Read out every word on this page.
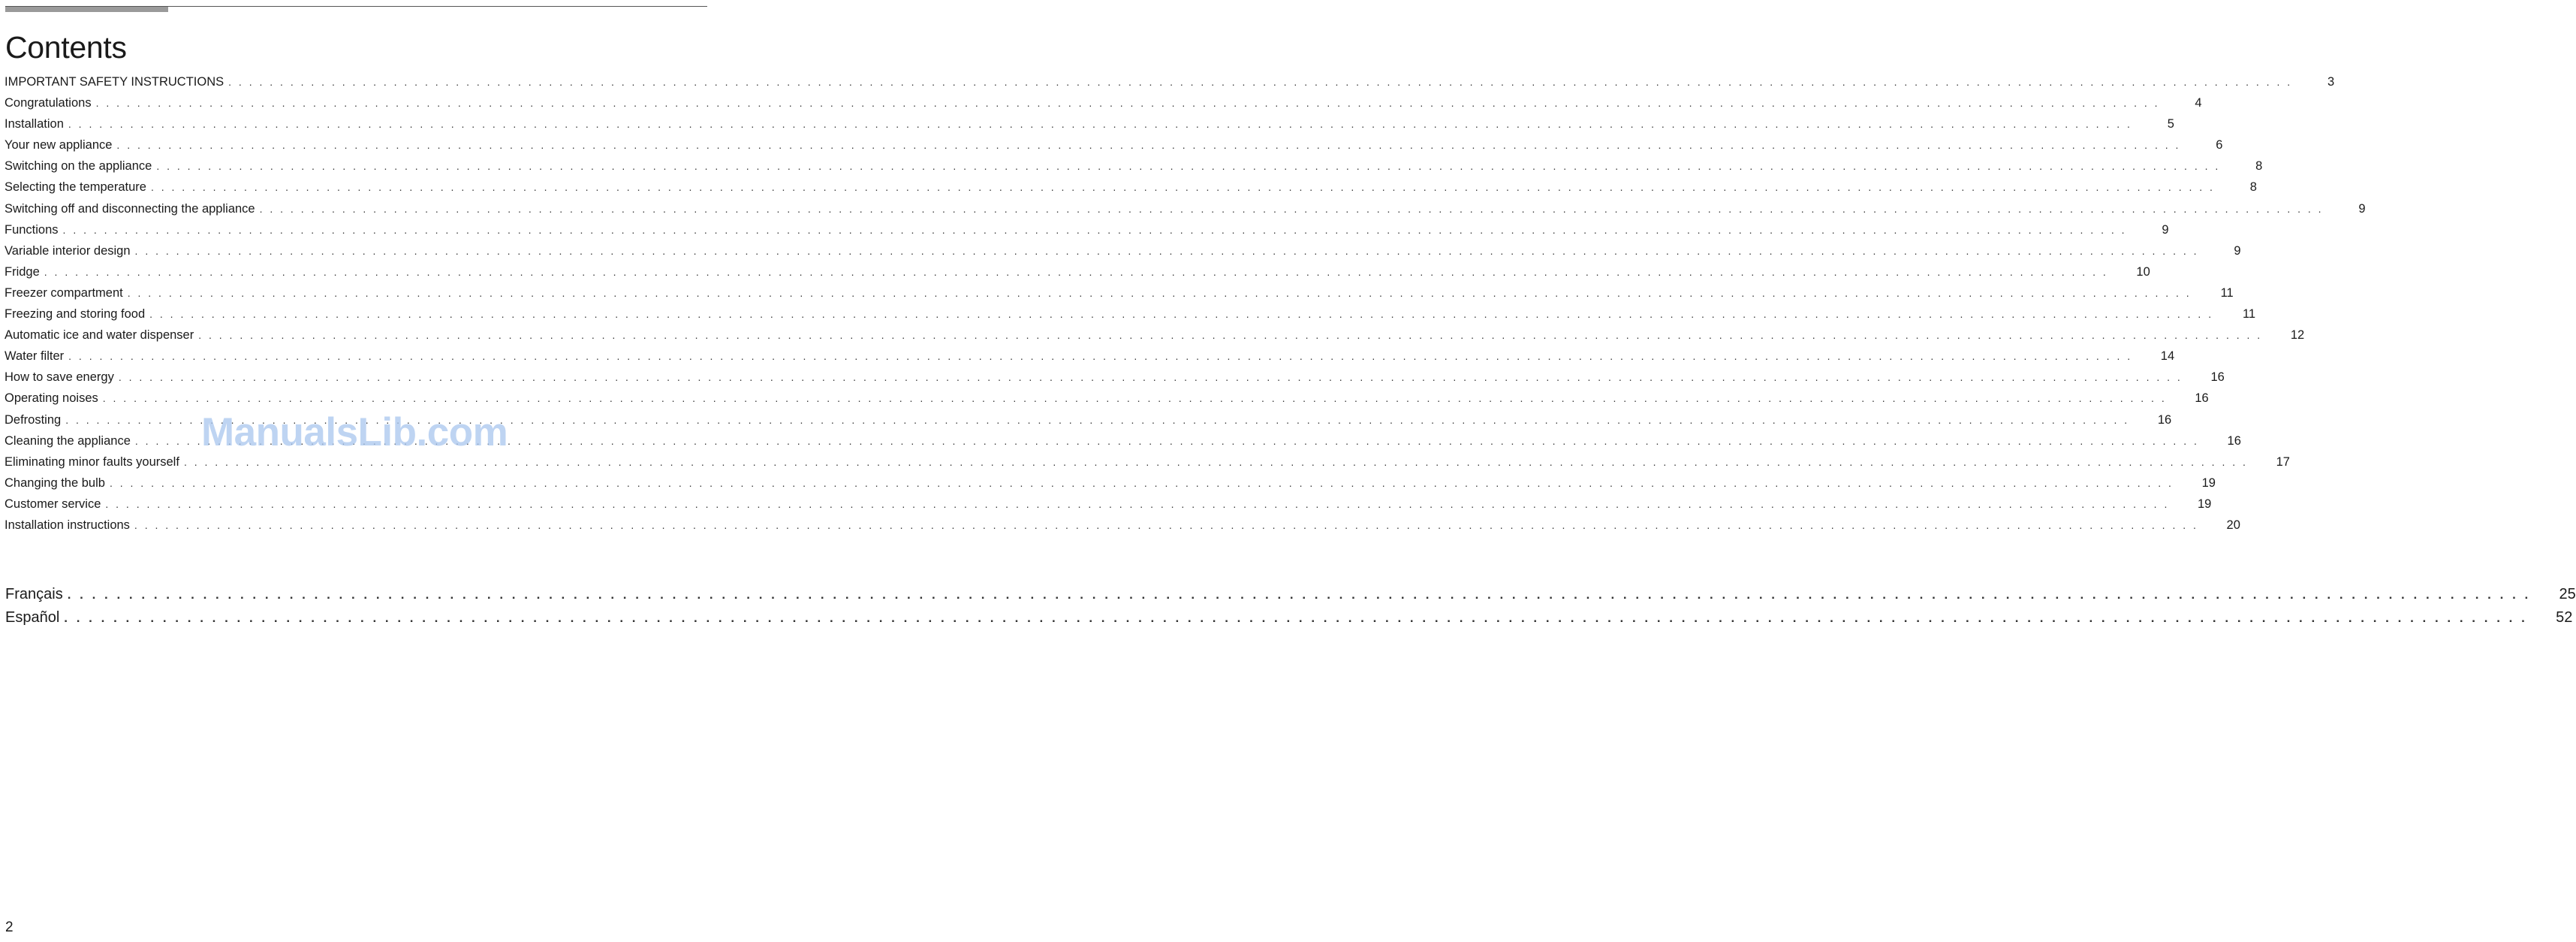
Contents
IMPORTANT SAFETY INSTRUCTIONS . . . . . . . . . . . . . . . . . . . . . . . . . . . . . . . . . . . . . . . . . . . . . . . . . . . . . . . . . . . . . . . . . . . . . . . . . . . . . . . . . . . . . . . . . . . . . . . . . . . . . . . . . . . . . . . . . . . . . . . . . . . . . . . . . . . . . . . . . . . . . . . . . . . . . . . . . . . . . . . . . . . . . . . . . . . . . . . . . . . . . . . . . . . . . . . . . . . . . . . .	3
Congratulations . . . . . . . . . . . . . . . . . . . . . . . . . . . . . . . . . . . . . . . . . . . . . . . . . . . . . . . . . . . . . . . . . . . . . . . . . . . . . . . . . . . . . . . . . . . . . . . . . . . . . . . . . . . . . . . . . . . . . . . . . . . . . . . . . . . . . . . . . . . . . . . . . . . . . . . . . . . . . . . . . . . . . . . . . . . . . . . . . . . . . . . . . . . . . . . . . . . . . . . .	4
Installation . . . . . . . . . . . . . . . . . . . . . . . . . . . . . . . . . . . . . . . . . . . . . . . . . . . . . . . . . . . . . . . . . . . . . . . . . . . . . . . . . . . . . . . . . . . . . . . . . . . . . . . . . . . . . . . . . . . . . . . . . . . . . . . . . . . . . . . . . . . . . . . . . . . . . . . . . . . . . . . . . . . . . . . . . . . . . . . . . . . . . . . . . . . . . . . . . . . . . . . .	5
Your new appliance . . . . . . . . . . . . . . . . . . . . . . . . . . . . . . . . . . . . . . . . . . . . . . . . . . . . . . . . . . . . . . . . . . . . . . . . . . . . . . . . . . . . . . . . . . . . . . . . . . . . . . . . . . . . . . . . . . . . . . . . . . . . . . . . . . . . . . . . . . . . . . . . . . . . . . . . . . . . . . . . . . . . . . . . . . . . . . . . . . . . . . . . . . . . . . . . . . . . . . . .	6
Switching on the appliance . . . . . . . . . . . . . . . . . . . . . . . . . . . . . . . . . . . . . . . . . . . . . . . . . . . . . . . . . . . . . . . . . . . . . . . . . . . . . . . . . . . . . . . . . . . . . . . . . . . . . . . . . . . . . . . . . . . . . . . . . . . . . . . . . . . . . . . . . . . . . . . . . . . . . . . . . . . . . . . . . . . . . . . . . . . . . . . . . . . . . . . . . . . . . . . . . . . . . . . .	8
Selecting the temperature . . . . . . . . . . . . . . . . . . . . . . . . . . . . . . . . . . . . . . . . . . . . . . . . . . . . . . . . . . . . . . . . . . . . . . . . . . . . . . . . . . . . . . . . . . . . . . . . . . . . . . . . . . . . . . . . . . . . . . . . . . . . . . . . . . . . . . . . . . . . . . . . . . . . . . . . . . . . . . . . . . . . . . . . . . . . . . . . . . . . . . . . . . . . . . . . . . . . . . . .	8
Switching off and disconnecting the appliance . . . . . . . . . . . . . . . . . . . . . . . . . . . . . . . . . . . . . . . . . . . . . . . . . . . . . . . . . . . . . . . . . . . . . . . . . . . . . . . . . . . . . . . . . . . . . . . . . . . . . . . . . . . . . . . . . . . . . . . . . . . . . . . . . . . . . . . . . . . . . . . . . . . . . . . . . . . . . . . . . . . . . . . . . . . . . . . . . . . . . . . . . . . . . . . . . . . . . . . .	9
Functions . . . . . . . . . . . . . . . . . . . . . . . . . . . . . . . . . . . . . . . . . . . . . . . . . . . . . . . . . . . . . . . . . . . . . . . . . . . . . . . . . . . . . . . . . . . . . . . . . . . . . . . . . . . . . . . . . . . . . . . . . . . . . . . . . . . . . . . . . . . . . . . . . . . . . . . . . . . . . . . . . . . . . . . . . . . . . . . . . . . . . . . . . . . . . . . . . . . . . . . .	9
Variable interior design . . . . . . . . . . . . . . . . . . . . . . . . . . . . . . . . . . . . . . . . . . . . . . . . . . . . . . . . . . . . . . . . . . . . . . . . . . . . . . . . . . . . . . . . . . . . . . . . . . . . . . . . . . . . . . . . . . . . . . . . . . . . . . . . . . . . . . . . . . . . . . . . . . . . . . . . . . . . . . . . . . . . . . . . . . . . . . . . . . . . . . . . . . . . . . . . . . . . . . . .	9
Fridge . . . . . . . . . . . . . . . . . . . . . . . . . . . . . . . . . . . . . . . . . . . . . . . . . . . . . . . . . . . . . . . . . . . . . . . . . . . . . . . . . . . . . . . . . . . . . . . . . . . . . . . . . . . . . . . . . . . . . . . . . . . . . . . . . . . . . . . . . . . . . . . . . . . . . . . . . . . . . . . . . . . . . . . . . . . . . . . . . . . . . . . . . . . . . . . . . . . . . . . .	10
Freezer compartment . . . . . . . . . . . . . . . . . . . . . . . . . . . . . . . . . . . . . . . . . . . . . . . . . . . . . . . . . . . . . . . . . . . . . . . . . . . . . . . . . . . . . . . . . . . . . . . . . . . . . . . . . . . . . . . . . . . . . . . . . . . . . . . . . . . . . . . . . . . . . . . . . . . . . . . . . . . . . . . . . . . . . . . . . . . . . . . . . . . . . . . . . . . . . . . . . . . . . . . .	11
Freezing and storing food . . . . . . . . . . . . . . . . . . . . . . . . . . . . . . . . . . . . . . . . . . . . . . . . . . . . . . . . . . . . . . . . . . . . . . . . . . . . . . . . . . . . . . . . . . . . . . . . . . . . . . . . . . . . . . . . . . . . . . . . . . . . . . . . . . . . . . . . . . . . . . . . . . . . . . . . . . . . . . . . . . . . . . . . . . . . . . . . . . . . . . . . . . . . . . . . . . . . . . . .	11
Automatic ice and water dispenser . . . . . . . . . . . . . . . . . . . . . . . . . . . . . . . . . . . . . . . . . . . . . . . . . . . . . . . . . . . . . . . . . . . . . . . . . . . . . . . . . . . . . . . . . . . . . . . . . . . . . . . . . . . . . . . . . . . . . . . . . . . . . . . . . . . . . . . . . . . . . . . . . . . . . . . . . . . . . . . . . . . . . . . . . . . . . . . . . . . . . . . . . . . . . . . . . . . . . . . .	12
Water filter . . . . . . . . . . . . . . . . . . . . . . . . . . . . . . . . . . . . . . . . . . . . . . . . . . . . . . . . . . . . . . . . . . . . . . . . . . . . . . . . . . . . . . . . . . . . . . . . . . . . . . . . . . . . . . . . . . . . . . . . . . . . . . . . . . . . . . . . . . . . . . . . . . . . . . . . . . . . . . . . . . . . . . . . . . . . . . . . . . . . . . . . . . . . . . . . . . . . . . . .	14
How to save energy . . . . . . . . . . . . . . . . . . . . . . . . . . . . . . . . . . . . . . . . . . . . . . . . . . . . . . . . . . . . . . . . . . . . . . . . . . . . . . . . . . . . . . . . . . . . . . . . . . . . . . . . . . . . . . . . . . . . . . . . . . . . . . . . . . . . . . . . . . . . . . . . . . . . . . . . . . . . . . . . . . . . . . . . . . . . . . . . . . . . . . . . . . . . . . . . . . . . . . . .	16
Operating noises . . . . . . . . . . . . . . . . . . . . . . . . . . . . . . . . . . . . . . . . . . . . . . . . . . . . . . . . . . . . . . . . . . . . . . . . . . . . . . . . . . . . . . . . . . . . . . . . . . . . . . . . . . . . . . . . . . . . . . . . . . . . . . . . . . . . . . . . . . . . . . . . . . . . . . . . . . . . . . . . . . . . . . . . . . . . . . . . . . . . . . . . . . . . . . . . . . . . . . . .	16
Defrosting . . . . . . . . . . . . . . . . . . . . . . . . . . . . . . . . . . . . . . . . . . . . . . . . . . . . . . . . . . . . . . . . . . . . . . . . . . . . . . . . . . . . . . . . . . . . . . . . . . . . . . . . . . . . . . . . . . . . . . . . . . . . . . . . . . . . . . . . . . . . . . . . . . . . . . . . . . . . . . . . . . . . . . . . . . . . . . . . . . . . . . . . . . . . . . . . . . . . . . . .	16
Cleaning the appliance . . . . . . . . . . . . . . . . . . . . . . . . . . . . . . . . . . . . . . . . . . . . . . . . . . . . . . . . . . . . . . . . . . . . . . . . . . . . . . . . . . . . . . . . . . . . . . . . . . . . . . . . . . . . . . . . . . . . . . . . . . . . . . . . . . . . . . . . . . . . . . . . . . . . . . . . . . . . . . . . . . . . . . . . . . . . . . . . . . . . . . . . . . . . . . . . . . . . . . . .	16
Eliminating minor faults yourself . . . . . . . . . . . . . . . . . . . . . . . . . . . . . . . . . . . . . . . . . . . . . . . . . . . . . . . . . . . . . . . . . . . . . . . . . . . . . . . . . . . . . . . . . . . . . . . . . . . . . . . . . . . . . . . . . . . . . . . . . . . . . . . . . . . . . . . . . . . . . . . . . . . . . . . . . . . . . . . . . . . . . . . . . . . . . . . . . . . . . . . . . . . . . . . . . . . . . . . .	17
Changing the bulb . . . . . . . . . . . . . . . . . . . . . . . . . . . . . . . . . . . . . . . . . . . . . . . . . . . . . . . . . . . . . . . . . . . . . . . . . . . . . . . . . . . . . . . . . . . . . . . . . . . . . . . . . . . . . . . . . . . . . . . . . . . . . . . . . . . . . . . . . . . . . . . . . . . . . . . . . . . . . . . . . . . . . . . . . . . . . . . . . . . . . . . . . . . . . . . . . . . . . . . .	19
Customer service . . . . . . . . . . . . . . . . . . . . . . . . . . . . . . . . . . . . . . . . . . . . . . . . . . . . . . . . . . . . . . . . . . . . . . . . . . . . . . . . . . . . . . . . . . . . . . . . . . . . . . . . . . . . . . . . . . . . . . . . . . . . . . . . . . . . . . . . . . . . . . . . . . . . . . . . . . . . . . . . . . . . . . . . . . . . . . . . . . . . . . . . . . . . . . . . . . . . . . . .	19
Installation instructions . . . . . . . . . . . . . . . . . . . . . . . . . . . . . . . . . . . . . . . . . . . . . . . . . . . . . . . . . . . . . . . . . . . . . . . . . . . . . . . . . . . . . . . . . . . . . . . . . . . . . . . . . . . . . . . . . . . . . . . . . . . . . . . . . . . . . . . . . . . . . . . . . . . . . . . . . . . . . . . . . . . . . . . . . . . . . . . . . . . . . . . . . . . . . . . . . . . . . . . .	20
Français . . . . . . . . . . . . . . . . . . . . . . . . . . . . . . . . . . . . . . . . . . . . . . . . . . . . . . . . . . . . . . . . . . . . . . . . . . . . . . . . . . . . . . . . . . . . . . . . . . . . . . . . . . . . . . . . . . . . . . . . . . . . . . . . . . . . . . . . . . . . . . . . . . . . . . . . . . . . . . . . . . . . . . . . . . . . . . . . . . . . . . . . . . . . . . . . . . . . . . . . 25
Español . . . . . . . . . . . . . . . . . . . . . . . . . . . . . . . . . . . . . . . . . . . . . . . . . . . . . . . . . . . . . . . . . . . . . . . . . . . . . . . . . . . . . . . . . . . . . . . . . . . . . . . . . . . . . . . . . . . . . . . . . . . . . . . . . . . . . . . . . . . . . . . . . . . . . . . . . . . . . . . . . . . . . . . . . . . . . . . . . . . . . . . . . . . . . . . . . . . . . . . . 52
ManualsLib.com
2
